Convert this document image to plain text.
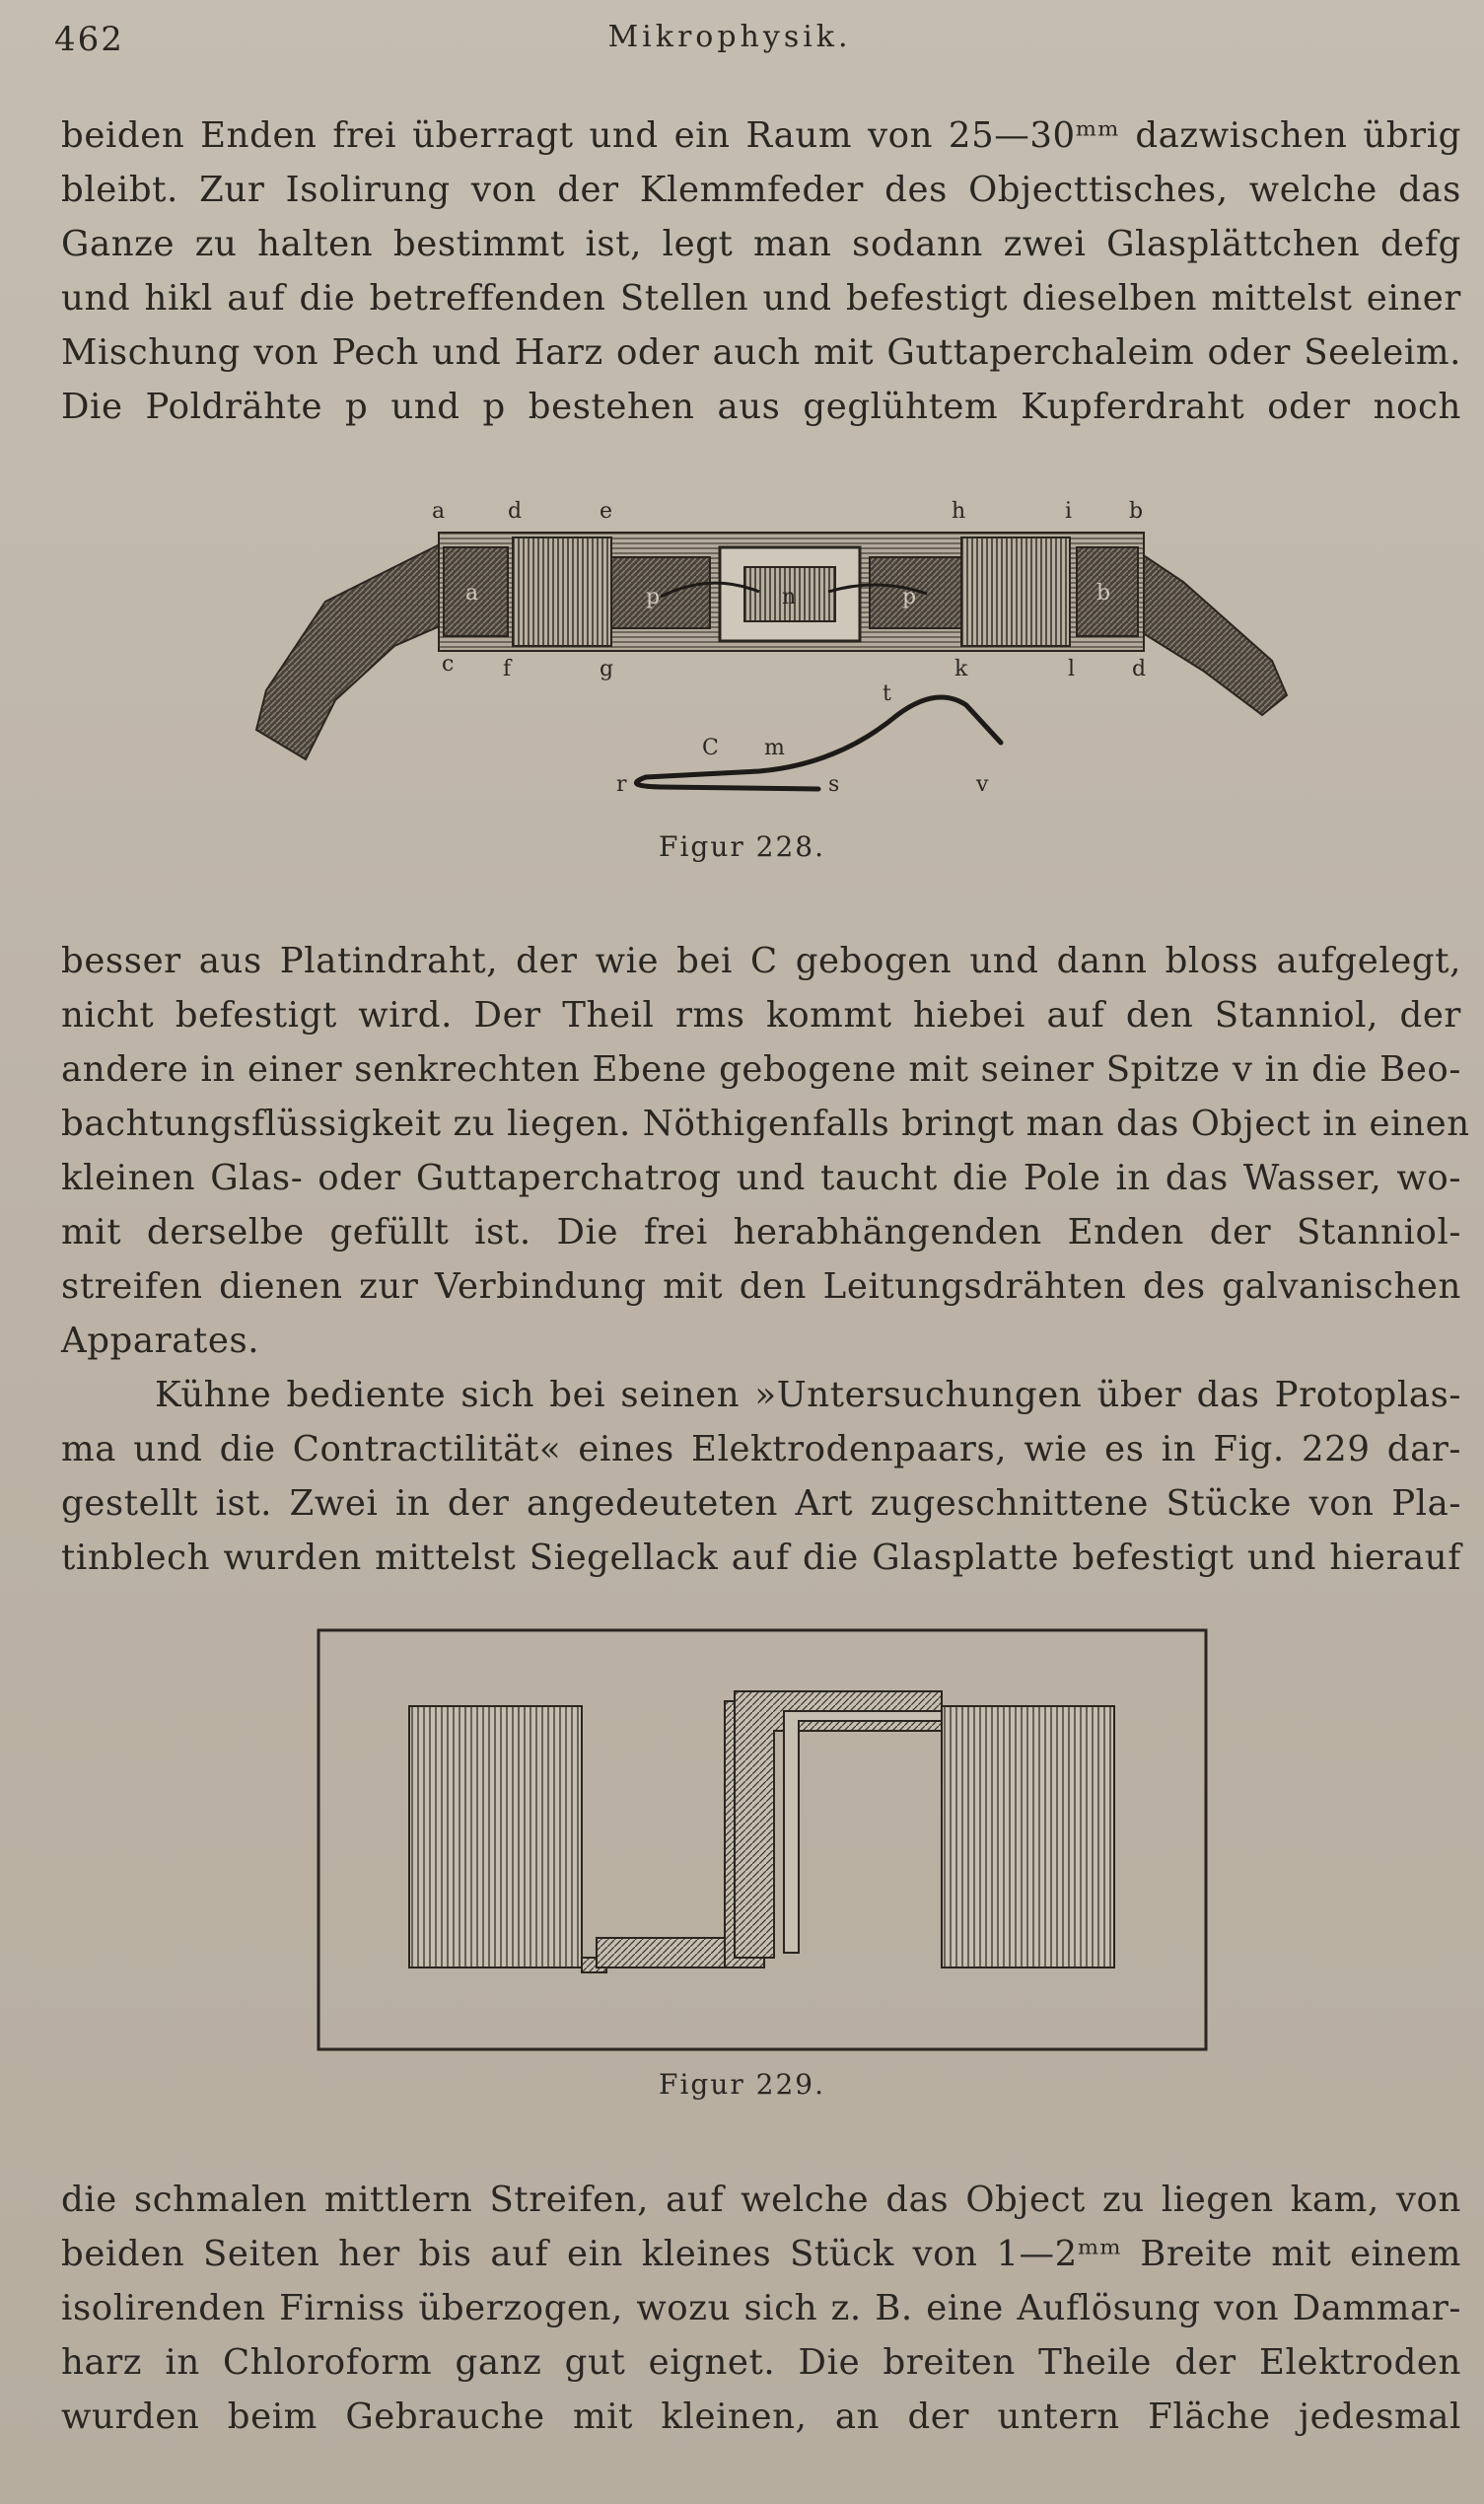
462	Mikrophysik.
beiden Enden frei überragt und ein Raum von 25—30ᵐᵐ dazwischen übrig
bleibt. Zur Isolirung von der Klemmfeder des Objecttisches, welche das
Ganze zu halten bestimmt ist, legt man sodann zwei Glasplättchen defg
und hikl auf die betreffenden Stellen und befestigt dieselben mittelst einer
Mischung von Pech und Harz oder auch mit Guttaperchaleim oder Seeleim.
Die Poldrähte p und p bestehen aus geglühtem Kupferdraht oder noch
a	d	e	h	i	b
c f	g	k	l	d
p	n	p
a	b
C m
t
r	s	v
Figur 228.
besser aus Platindraht, der wie bei C gebogen und dann bloss aufgelegt,
nicht befestigt wird. Der Theil rms kommt hiebei auf den Stanniol, der
andere in einer senkrechten Ebene gebogene mit seiner Spitze v in die Beo-
bachtungsflüssigkeit zu liegen. Nöthigenfalls bringt man das Object in einen
kleinen Glas- oder Guttaperchatrog und taucht die Pole in das Wasser, wo-
mit derselbe gefüllt ist. Die frei herabhängenden Enden der Stanniol-
streifen dienen zur Verbindung mit den Leitungsdrähten des galvanischen
Apparates.
Kühne bediente sich bei seinen »Untersuchungen über das Protoplas-
ma und die Contractilität« eines Elektrodenpaars, wie es in Fig. 229 dar-
gestellt ist. Zwei in der angedeuteten Art zugeschnittene Stücke von Pla-
tinblech wurden mittelst Siegellack auf die Glasplatte befestigt und hierauf
Figur 229.
die schmalen mittlern Streifen, auf welche das Object zu liegen kam, von
beiden Seiten her bis auf ein kleines Stück von 1—2ᵐᵐ Breite mit einem
isolirenden Firniss überzogen, wozu sich z. B. eine Auflösung von Dammar-
harz in Chloroform ganz gut eignet. Die breiten Theile der Elektroden
wurden beim Gebrauche mit kleinen, an der untern Fläche jedesmal
